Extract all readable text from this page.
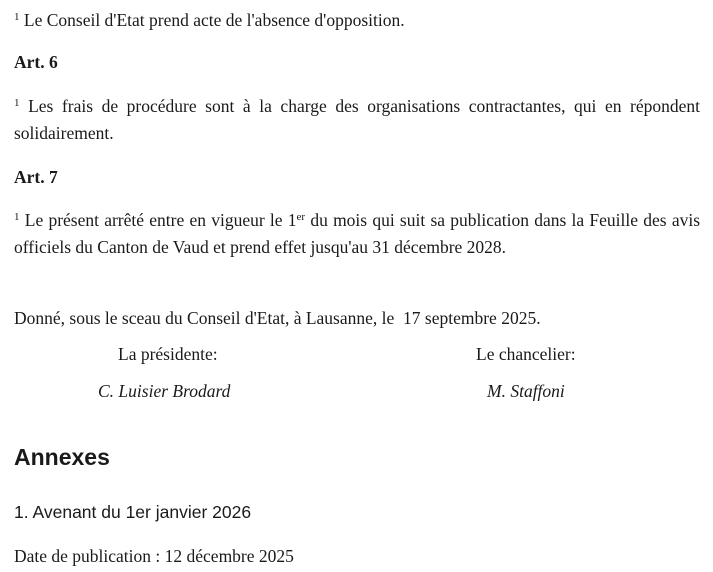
$^1$ Le Conseil d'Etat prend acte de l'absence d'opposition.

Art. 6

$^1$ Les frais de procédure sont à la charge des organisations contractantes, qui en répondent solidairement.

Art. 7

$^1$ Le présent arrêté entre en vigueur le 1er du mois qui suit sa publication dans la Feuille des avis officiels du Canton de Vaud et prend effet jusqu'au 31 décembre 2028.

Donné, sous le sceau du Conseil d'Etat, à Lausanne, le 17 septembre 2025.

La présidente:	Le chancelier:
C. Luisier Brodard	M. Staffoni
Annexes
1. Avenant du 1er janvier 2026
Date de publication : 12 décembre 2025
